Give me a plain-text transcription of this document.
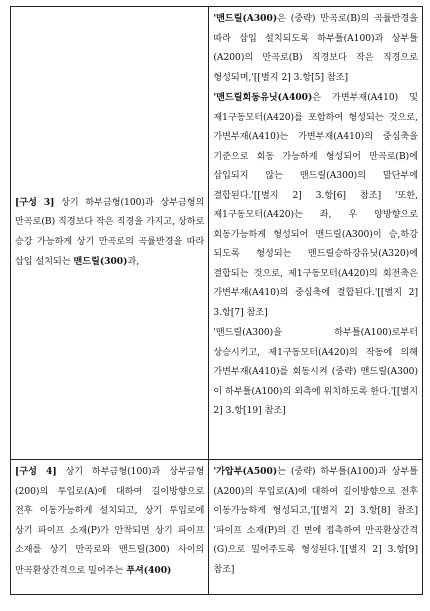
[구성 3] 상기 하부금형(100)과 상부금형의 만곡로(B) 직경보다 작은 직경을 가지고, 상하로 승강 가능하게 상기 만곡로의 곡률반경을 따라 삽입 설치되는 맨드릴(300)과,	'맨드릴(A300)은 (중략) 만곡로(B)의 곡률반경을 따라 삽입 설치되도록 하부틀(A100)과 상부틀(A200)의 만곡로(B) 직경보다 작은 직경으로 형성되며,'[[별지 2] 3.항[5] 참조]

'맨드릴회동유닛(A400)은 가변부재(A410) 및 제1구동모터(A420)를 포함하여 형성되는 것으로, 가변부재(A410)는 가변부재(A410)의 중심축을 기준으로 회동 가능하게 형성되어 만곡로(B)에 삽입되지 않는 맨드릴(A300)의 말단부에 결합된다.'[[별지 2] 3.항[6] 참조] '또한, 제1구동모터(A420)는 좌, 우 양방향으로 회동가능하게 형성되어 맨드릴(A300)이 승,하강 되도록 형성되는 맨드릴승하강유닛(A320)에 결합되는 것으로, 제1구동모터(A420)의 회전축은 가변부재(A410)의 중심축에 결합된다.'[[별지 2] 3.항[7] 참조]

'맨드릴(A300)을 하부틀(A100)로부터 상승시키고, 제1구동모터(A420)의 작동에 의해 가변부재(A410)를 회동시켜 (중략) 맨드릴(A300)이 하부틀(A100)의 외측에 위치하도록 한다.'[[별지 2] 3.항[19] 참조]

[구성 4] 상기 하부금형(100)과 상부금형(200)의 투입로(A)에 대하여 길이방향으로 전후 이동가능하게 설치되고, 상기 투입로에 상기 파이프 소재(P)가 안착되면 상기 파이프 소재를 상기 만곡로와 맨드릴(300) 사이의 만곡환상간격으로 밀어주는 푸셔(400)	'가압부(A500)는 (중략) 하부틀(A100)과 상부틀(A200)의 투입로(A)에 대하여 길이방향으로 전후 이동가능하게 형성되고,'[[별지 2] 3.항[8] 참조] '파이프 소재(P)의 긴 변에 접촉하여 만곡환상간격(G)으로 밀어주도록 형성된다.'[[별지 2] 3.항[9] 참조]
